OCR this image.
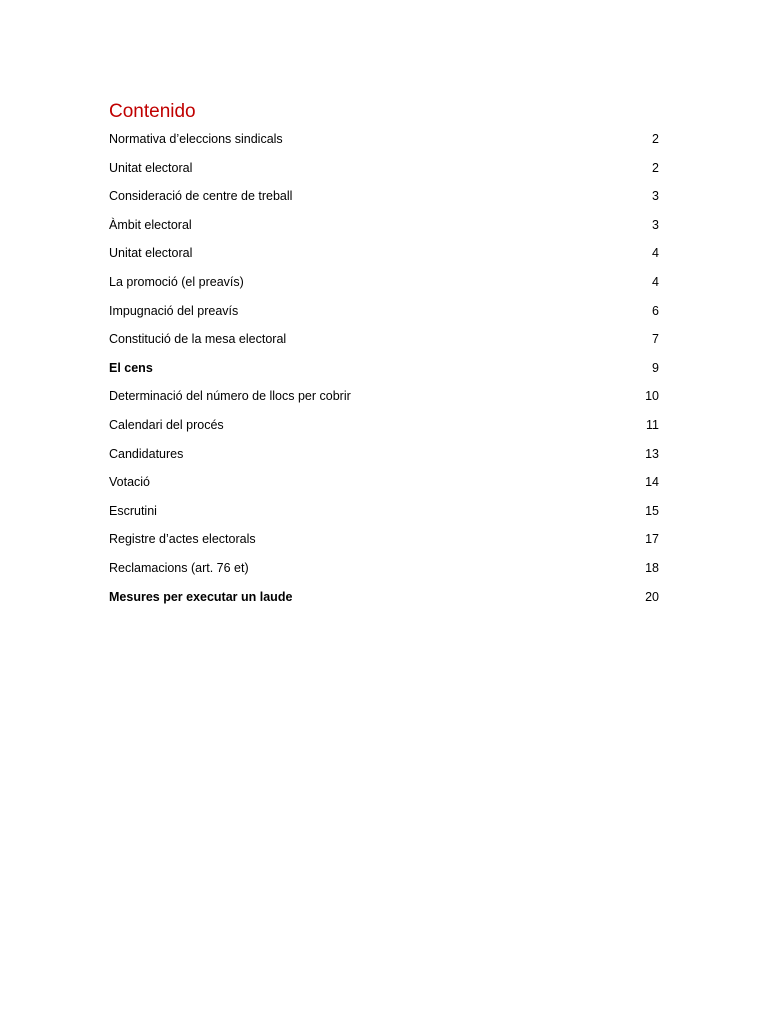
Contenido
Normativa d’eleccions sindicals	2
Unitat electoral	2
Consideració de centre de treball	3
Àmbit electoral	3
Unitat electoral	4
La promoció (el preavís)	4
Impugnació del preavís	6
Constitució de la mesa electoral	7
El cens	9
Determinació del número de llocs per cobrir	10
Calendari del procés	11
Candidatures	13
Votació	14
Escrutini	15
Registre d’actes electorals	17
Reclamacions (art. 76 et)	18
Mesures per executar un laude	20
